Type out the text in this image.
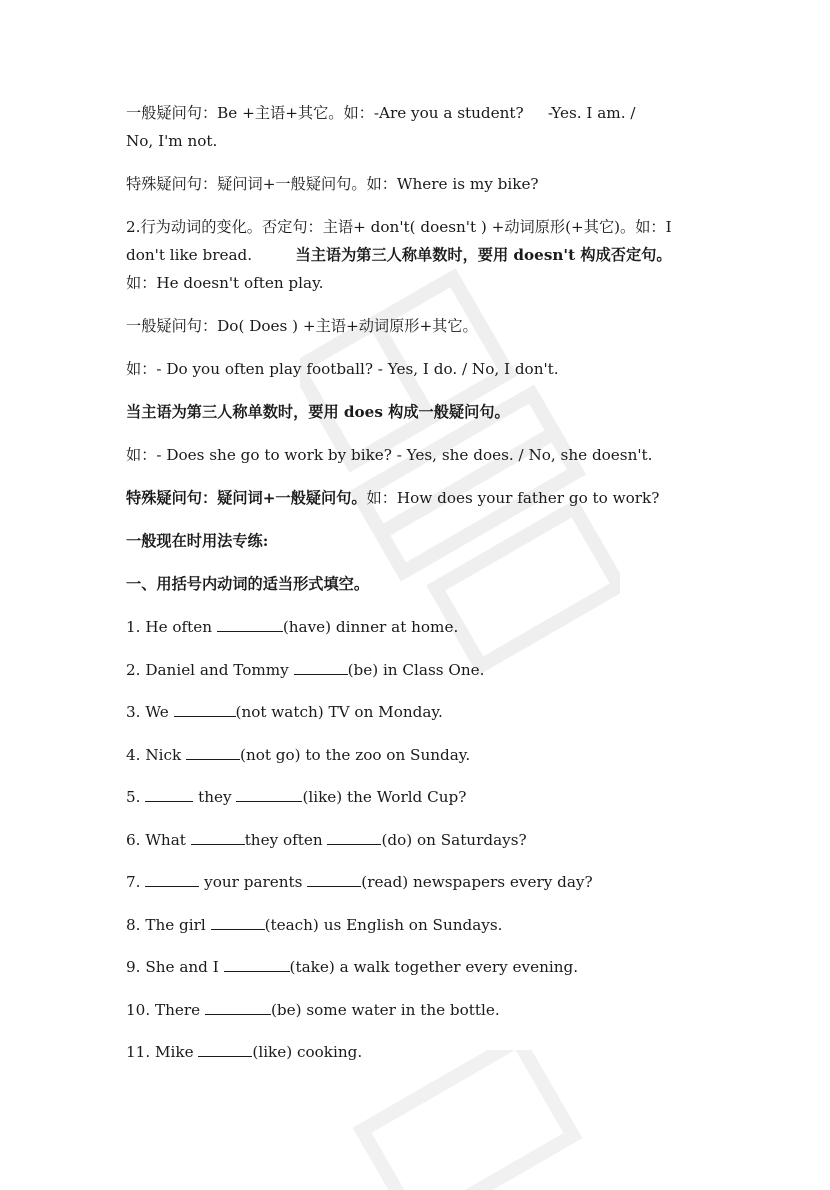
一般疑问句：Be +主语+其它。如：-Are you a student? -Yes. I am. /

No, I'm not.

特殊疑问句：疑问词+一般疑问句。如：Where is my bike?

2.行为动词的变化。否定句：主语+ don't( doesn't ) +动词原形(+其它)。如：I

don't like bread.	当主语为第三人称单数时，要用 doesn't 构成否定句。

如：He doesn't often play.

一般疑问句：Do( Does ) +主语+动词原形+其它。

如：- Do you often play football? - Yes, I do. / No, I don't.

当主语为第三人称单数时，要用 does 构成一般疑问句。

如：- Does she go to work by bike? - Yes, she does. / No, she doesn't.

特殊疑问句：疑问词+一般疑问句。如：How does your father go to work?

一般现在时用法专练:

一、用括号内动词的适当形式填空。

1. He often	(have) dinner at home.

2. Daniel and Tommy	(be) in Class One.

3. We	(not watch) TV on Monday.

4. Nick	(not go) to the zoo on Sunday.

5.	they	(like) the World Cup?

6. What	they often	(do) on Saturdays?

7.	your parents	(read) newspapers every day?

8. The girl	(teach) us English on Sundays.

9. She and I	(take) a walk together every evening.

10. There	(be) some water in the bottle.

11. Mike	(like) cooking.
